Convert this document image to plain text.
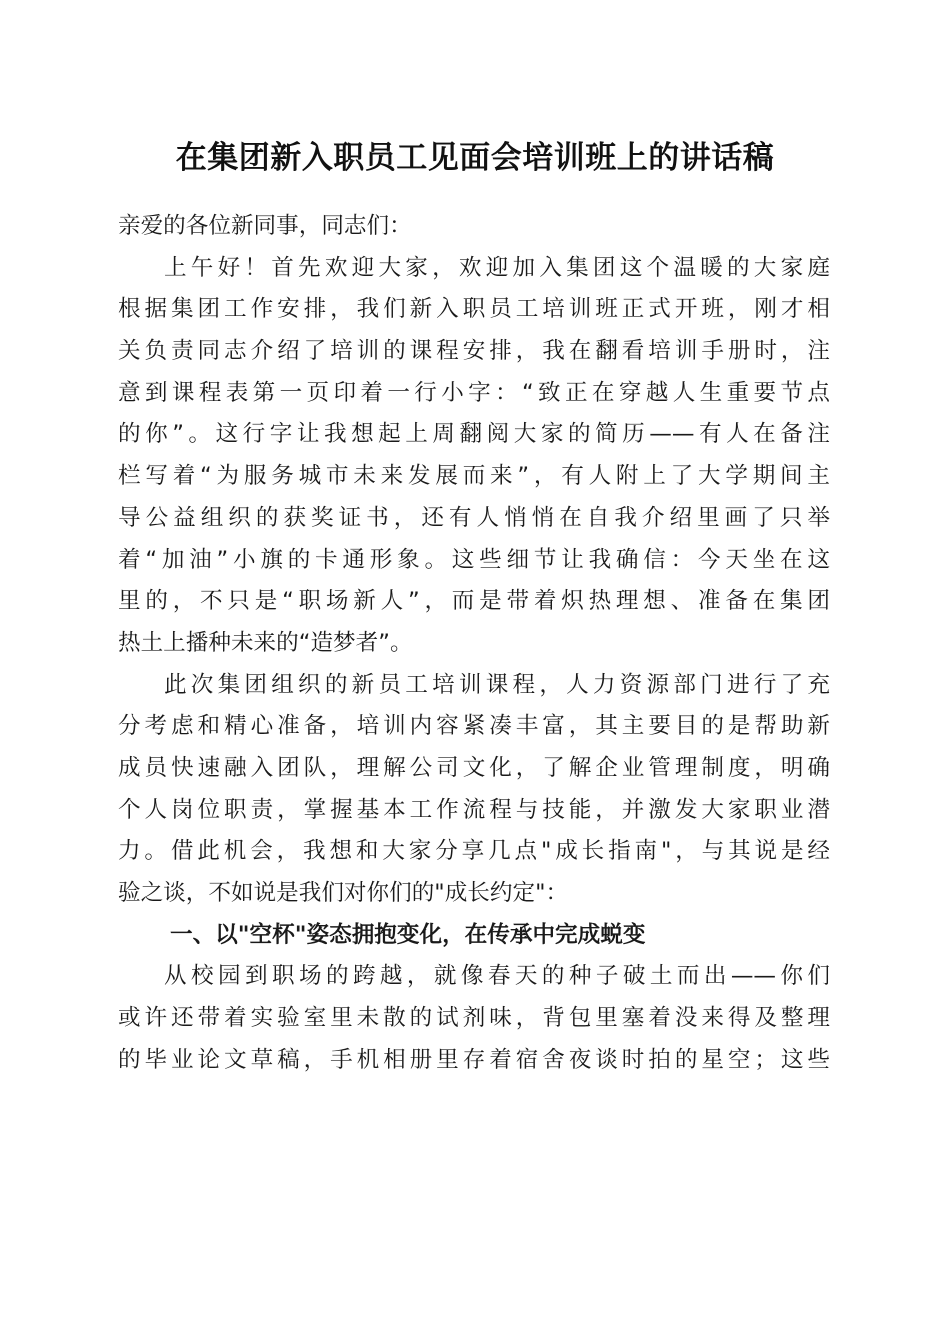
在集团新入职员工见面会培训班上的讲话稿
亲爱的各位新同事，同志们：
上午好！首先欢迎大家，欢迎加入集团这个温暖的大家庭
根据集团工作安排，我们新入职员工培训班正式开班，刚才相
关负责同志介绍了培训的课程安排，我在翻看培训手册时，注
意到课程表第一页印着一行小字：“致正在穿越人生重要节点
的你”。这行字让我想起上周翻阅大家的简历——有人在备注
栏写着“为服务城市未来发展而来”，有人附上了大学期间主
导公益组织的获奖证书，还有人悄悄在自我介绍里画了只举
着“加油”小旗的卡通形象。这些细节让我确信：今天坐在这
里的，不只是“职场新人”，而是带着炽热理想、准备在集团
热土上播种未来的“造梦者”。
此次集团组织的新员工培训课程，人力资源部门进行了充
分考虑和精心准备，培训内容紧凑丰富，其主要目的是帮助新
成员快速融入团队，理解公司文化，了解企业管理制度，明确
个人岗位职责，掌握基本工作流程与技能，并激发大家职业潜
力。借此机会，我想和大家分享几点"成长指南"，与其说是经
验之谈，不如说是我们对你们的"成长约定"：
一、以"空杯"姿态拥抱变化，在传承中完成蜕变
从校园到职场的跨越，就像春天的种子破土而出——你们
或许还带着实验室里未散的试剂味，背包里塞着没来得及整理
的毕业论文草稿，手机相册里存着宿舍夜谈时拍的星空；这些
